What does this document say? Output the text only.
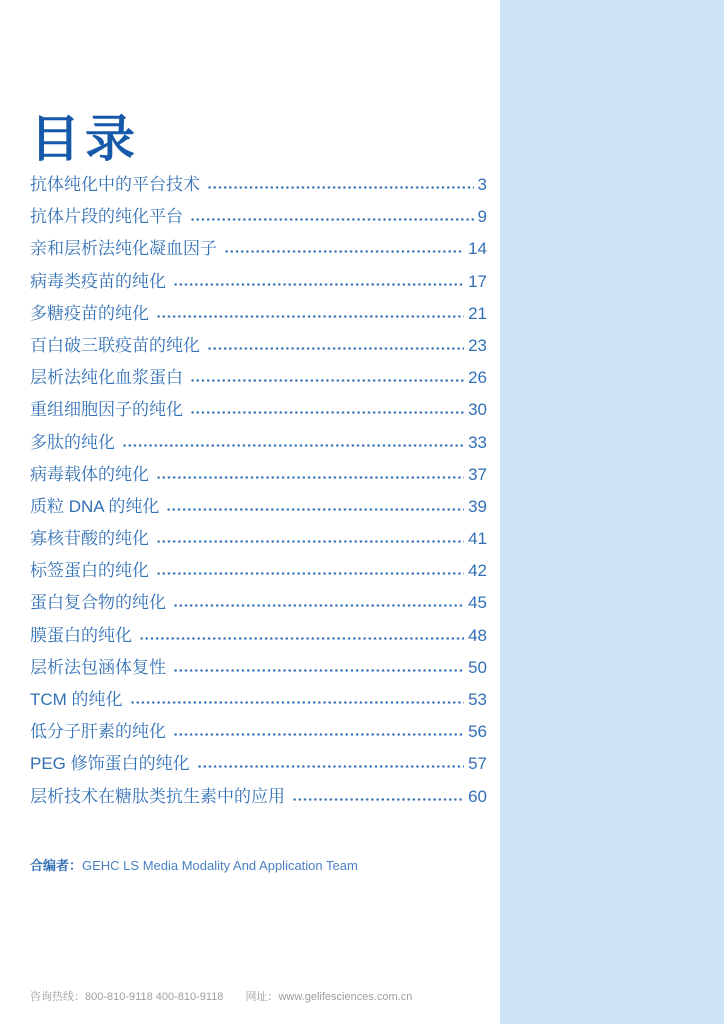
目录
抗体纯化中的平台技术	3
抗体片段的纯化平台	9
亲和层析法纯化凝血因子	14
病毒类疫苗的纯化	17
多糖疫苗的纯化	21
百白破三联疫苗的纯化	23
层析法纯化血浆蛋白	26
重组细胞因子的纯化	30
多肽的纯化	33
病毒载体的纯化	37
质粒 DNA 的纯化	39
寡核苷酸的纯化	41
标签蛋白的纯化	42
蛋白复合物的纯化	45
膜蛋白的纯化	48
层析法包涵体复性	50
TCM 的纯化	53
低分子肝素的纯化	56
PEG 修饰蛋白的纯化	57
层析技术在糖肽类抗生素中的应用	60
合编者：GEHC LS Media Modality And Application Team
咨询热线：800-810-9118 400-810-9118 网址：www.gelifesciences.com.cn
